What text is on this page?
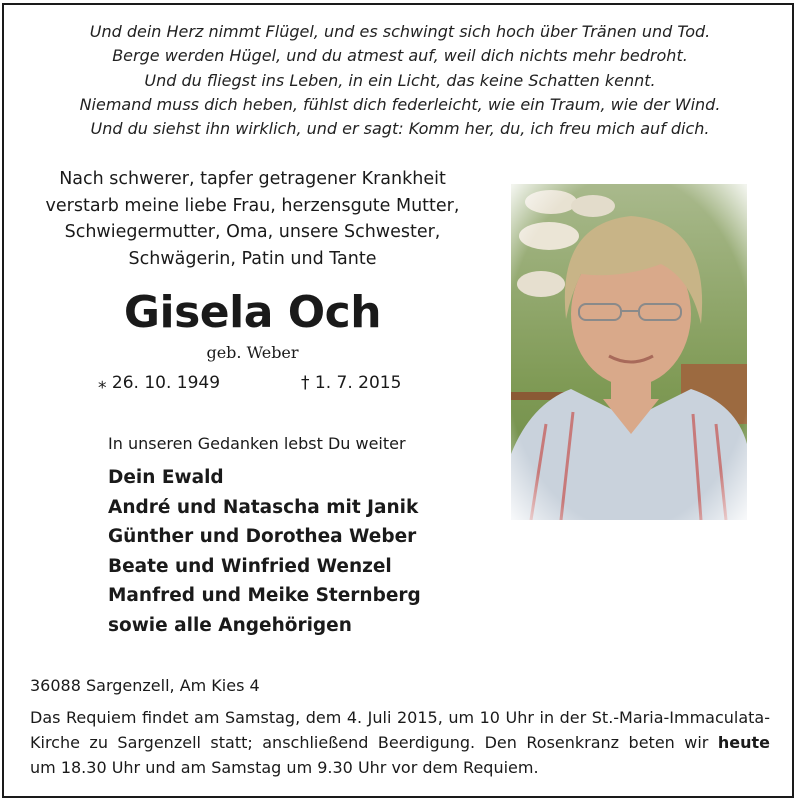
Und dein Herz nimmt Flügel, und es schwingt sich hoch über Tränen und Tod.
Berge werden Hügel, und du atmest auf, weil dich nichts mehr bedroht.
Und du fliegst ins Leben, in ein Licht, das keine Schatten kennt.
Niemand muss dich heben, fühlst dich federleicht, wie ein Traum, wie der Wind.
Und du siehst ihn wirklich, und er sagt: Komm her, du, ich freu mich auf dich.
Nach schwerer, tapfer getragener Krankheit
verstarb meine liebe Frau, herzensgute Mutter,
Schwiegermutter, Oma, unsere Schwester,
Schwägerin, Patin und Tante
Gisela Och
geb. Weber
⁎ 26. 10. 1949	† 1. 7. 2015
In unseren Gedanken lebst Du weiter
Dein Ewald
André und Natascha mit Janik
Günther und Dorothea Weber
Beate und Winfried Wenzel
Manfred und Meike Sternberg
sowie alle Angehörigen
36088 Sargenzell, Am Kies 4
Das Requiem findet am Samstag, dem 4. Juli 2015, um 10 Uhr in der St.-Maria-Immaculata-
Kirche zu Sargenzell statt; anschließend Beerdigung. Den Rosenkranz beten wir heute
um 18.30 Uhr und am Samstag um 9.30 Uhr vor dem Requiem.
